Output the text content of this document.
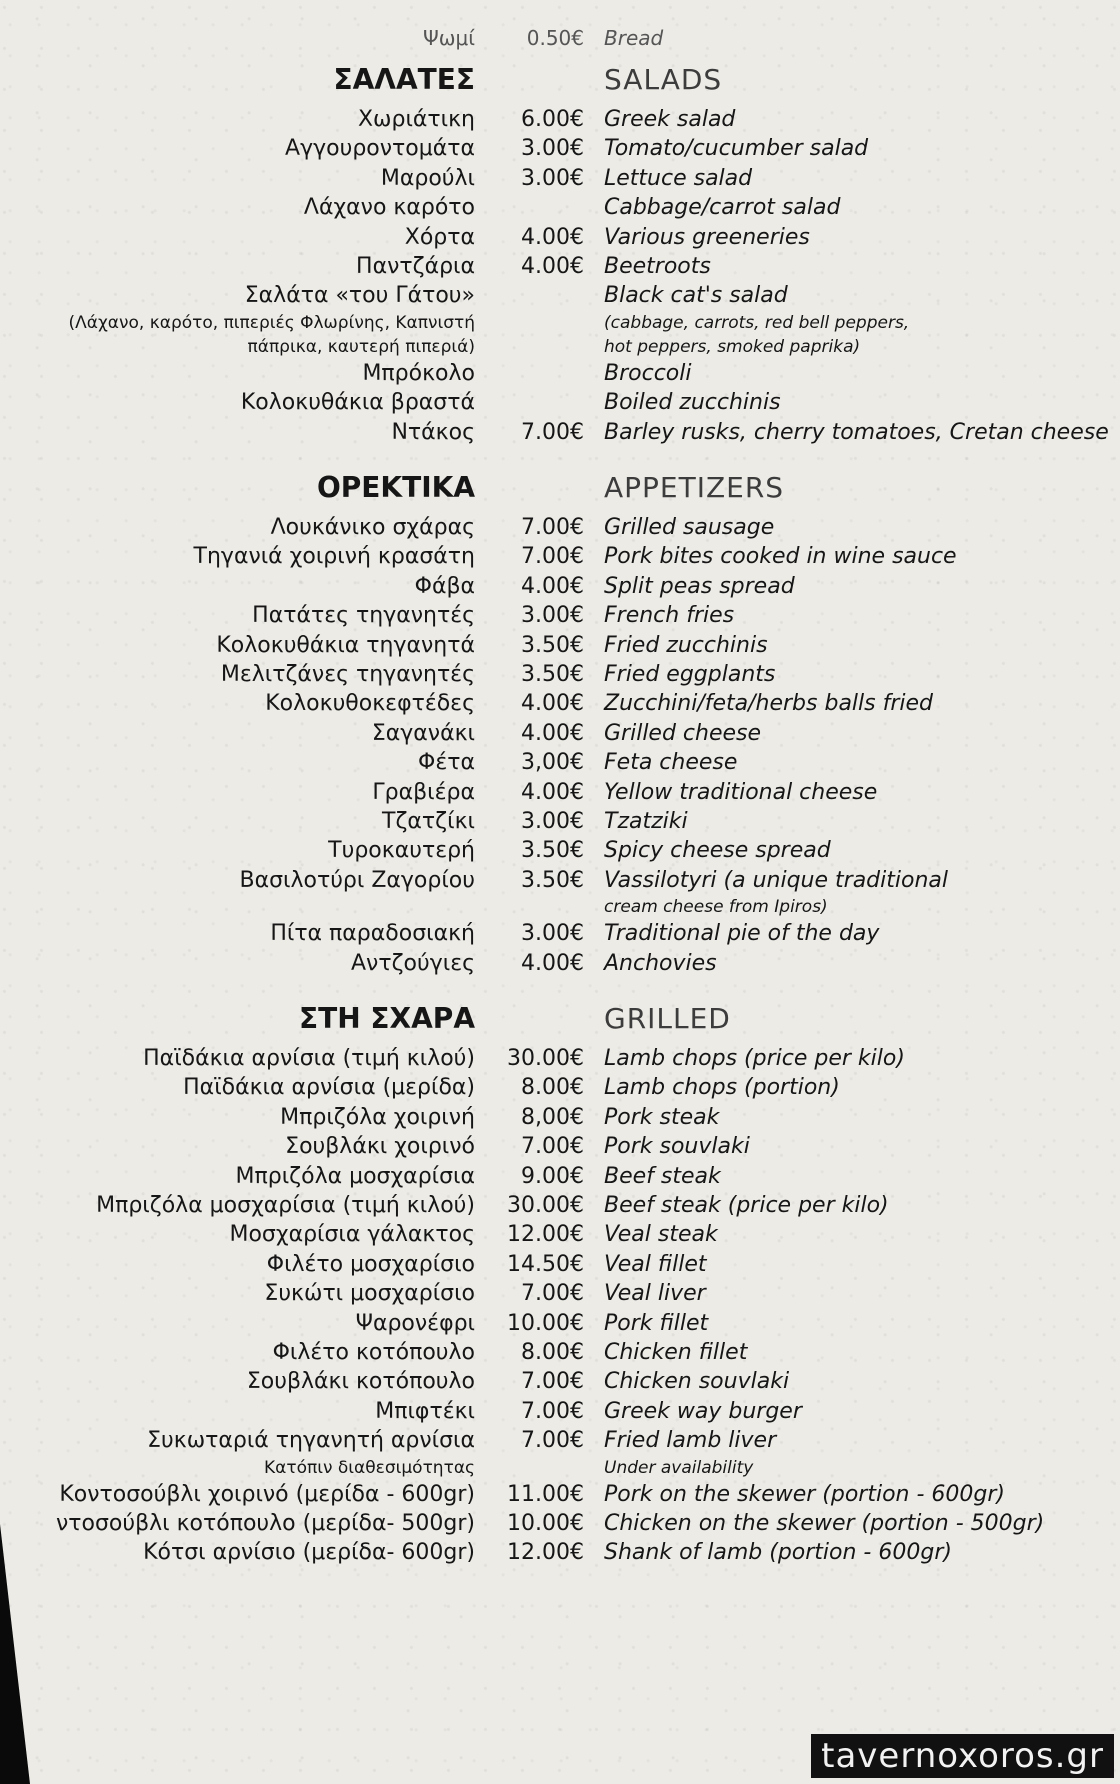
Ψωμί	0.50€ Bread
ΣΑΛΑΤΕΣ	SALADS
Χωριάτικη	6.00€ Greek salad
Αγγουροντομάτα	3.00€ Tomato/cucumber salad
Μαρούλι	3.00€ Lettuce salad
Λάχανο καρότο	Cabbage/carrot salad
Χόρτα	4.00€ Various greeneries
Παντζάρια	4.00€ Beetroots
Σαλάτα «του Γάτου»	Black cat's salad
(Λάχανο, καρότο, πιπεριές Φλωρίνης, Καπνιστή	(cabbage, carrots, red bell peppers,
πάπρικα, καυτερή πιπεριά)	hot peppers, smoked paprika)
Μπρόκολο	Broccoli
Κολοκυθάκια βραστά	Boiled zucchinis
Ντάκος	7.00€ Barley rusks, cherry tomatoes, Cretan cheese
ΟΡΕΚΤΙΚΑ	APPETIZERS
Λουκάνικο σχάρας	7.00€ Grilled sausage
Τηγανιά χοιρινή κρασάτη	7.00€ Pork bites cooked in wine sauce
Φάβα	4.00€ Split peas spread
Πατάτες τηγανητές	3.00€ French fries
Κολοκυθάκια τηγανητά	3.50€ Fried zucchinis
Μελιτζάνες τηγανητές	3.50€ Fried eggplants
Κολοκυθοκεφτέδες	4.00€ Zucchini/feta/herbs balls fried
Σαγανάκι	4.00€ Grilled cheese
Φέτα	3,00€ Feta cheese
Γραβιέρα	4.00€ Yellow traditional cheese
Τζατζίκι	3.00€ Tzatziki
Τυροκαυτερή	3.50€ Spicy cheese spread
Βασιλοτύρι Ζαγορίου	3.50€ Vassilotyri (a unique traditional
cream cheese from Ipiros)
Πίτα παραδοσιακή	3.00€ Traditional pie of the day
Αντζούγιες	4.00€ Anchovies
ΣΤΗ ΣΧΑΡΑ	GRILLED
Παϊδάκια αρνίσια (τιμή κιλού)	30.00€ Lamb chops (price per kilo)
Παϊδάκια αρνίσια (μερίδα)	8.00€ Lamb chops (portion)
Μπριζόλα χοιρινή	8,00€ Pork steak
Σουβλάκι χοιρινό	7.00€ Pork souvlaki
Μπριζόλα μοσχαρίσια	9.00€ Beef steak
Μπριζόλα μοσχαρίσια (τιμή κιλού)	30.00€ Beef steak (price per kilo)
Μοσχαρίσια γάλακτος	12.00€ Veal steak
Φιλέτο μοσχαρίσιο	14.50€ Veal fillet
Συκώτι μοσχαρίσιο	7.00€ Veal liver
Ψαρονέφρι	10.00€ Pork fillet
Φιλέτο κοτόπουλο	8.00€ Chicken fillet
Σουβλάκι κοτόπουλο	7.00€ Chicken souvlaki
Μπιφτέκι	7.00€ Greek way burger
Συκωταριά τηγανητή αρνίσια	7.00€ Fried lamb liver
Κατόπιν διαθεσιμότητας	Under availability
Κοντοσούβλι χοιρινό (μερίδα - 600gr)	11.00€ Pork on the skewer (portion - 600gr)
ντοσούβλι κοτόπουλο (μερίδα- 500gr)	10.00€ Chicken on the skewer (portion - 500gr)
Κότσι αρνίσιο (μερίδα- 600gr)	12.00€ Shank of lamb (portion - 600gr)
tavernoxoros.gr
